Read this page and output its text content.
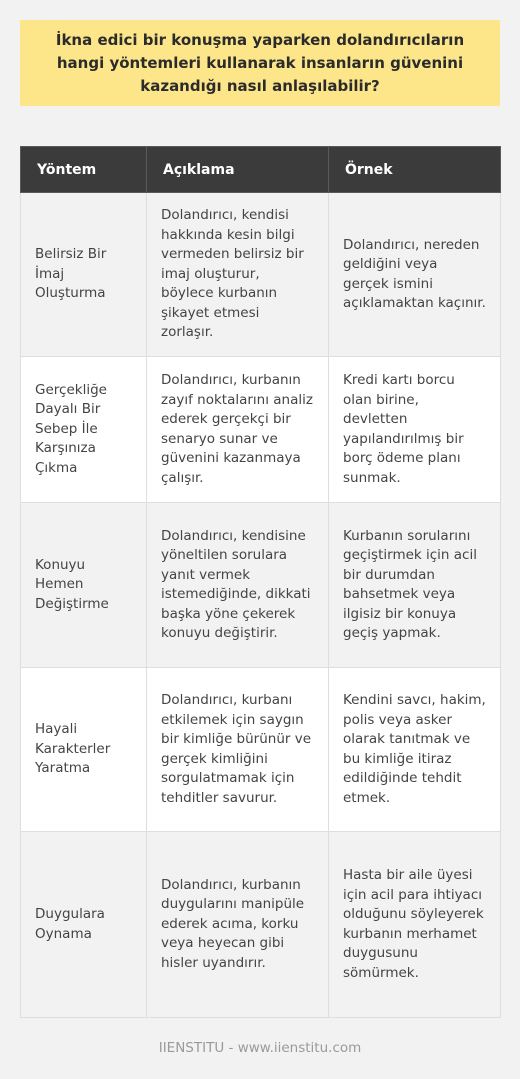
İkna edici bir konuşma yaparken dolandırıcıların hangi yöntemleri kullanarak insanların güvenini kazandığı nasıl anlaşılabilir?
Yöntem	Açıklama	Örnek
Belirsiz Bir İmaj Oluşturma	Dolandırıcı, kendisi hakkında kesin bilgi vermeden belirsiz bir imaj oluşturur, böylece kurbanın şikayet etmesi zorlaşır.	Dolandırıcı, nereden geldiğini veya gerçek ismini açıklamaktan kaçınır.
Gerçekliğe Dayalı Bir Sebep İle Karşınıza Çıkma	Dolandırıcı, kurbanın zayıf noktalarını analiz ederek gerçekçi bir senaryo sunar ve güvenini kazanmaya çalışır.	Kredi kartı borcu olan birine, devletten yapılandırılmış bir borç ödeme planı sunmak.
Konuyu Hemen Değiştirme	Dolandırıcı, kendisine yöneltilen sorulara yanıt vermek istemediğinde, dikkati başka yöne çekerek konuyu değiştirir.	Kurbanın sorularını geçiştirmek için acil bir durumdan bahsetmek veya ilgisiz bir konuya geçiş yapmak.
Hayali Karakterler Yaratma	Dolandırıcı, kurbanı etkilemek için saygın bir kimliğe bürünür ve gerçek kimliğini sorgulatmamak için tehditler savurur.	Kendini savcı, hakim, polis veya asker olarak tanıtmak ve bu kimliğe itiraz edildiğinde tehdit etmek.
Duygulara Oynama	Dolandırıcı, kurbanın duygularını manipüle ederek acıma, korku veya heyecan gibi hisler uyandırır.	Hasta bir aile üyesi için acil para ihtiyacı olduğunu söyleyerek kurbanın merhamet duygusunu sömürmek.
IIENSTITU - www.iienstitu.com
